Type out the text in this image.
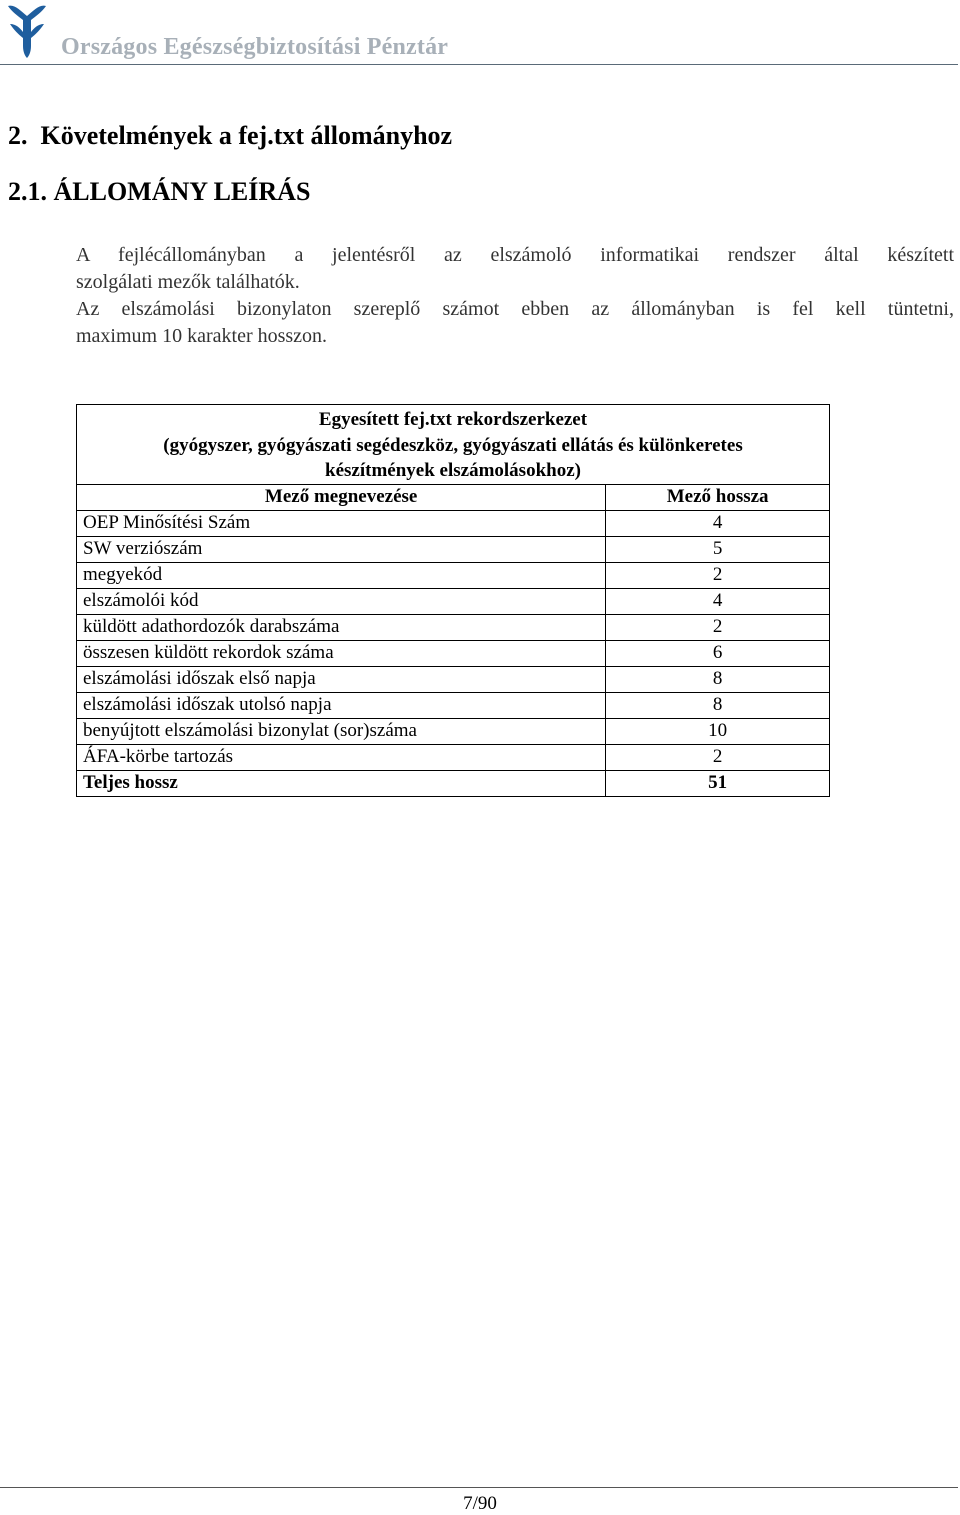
Országos Egészségbiztosítási Pénztár
2.  Követelmények a fej.txt állományhoz
2.1. ÁLLOMÁNY LEÍRÁS
A fejlécállományban a jelentésről az elszámoló informatikai rendszer által készített
szolgálati mezők találhatók.
Az elszámolási bizonylaton szereplő számot ebben az állományban is fel kell tüntetni,
maximum 10 karakter hosszon.
Egyesített fej.txt rekordszerkezet
(gyógyszer, gyógyászati segédeszköz, gyógyászati ellátás és különkeretes
készítmények elszámolásokhoz)	

Mező megnevezése	Mező hossza
OEP Minősítési Szám	4
SW verziószám	5
megyekód	2
elszámolói kód	4
küldött adathordozók darabszáma	2
összesen küldött rekordok száma	6
elszámolási időszak első napja	8
elszámolási időszak utolsó napja	8
benyújtott elszámolási bizonylat (sor)száma	10
ÁFA-körbe tartozás	2
Teljes hossz	51
7/90
